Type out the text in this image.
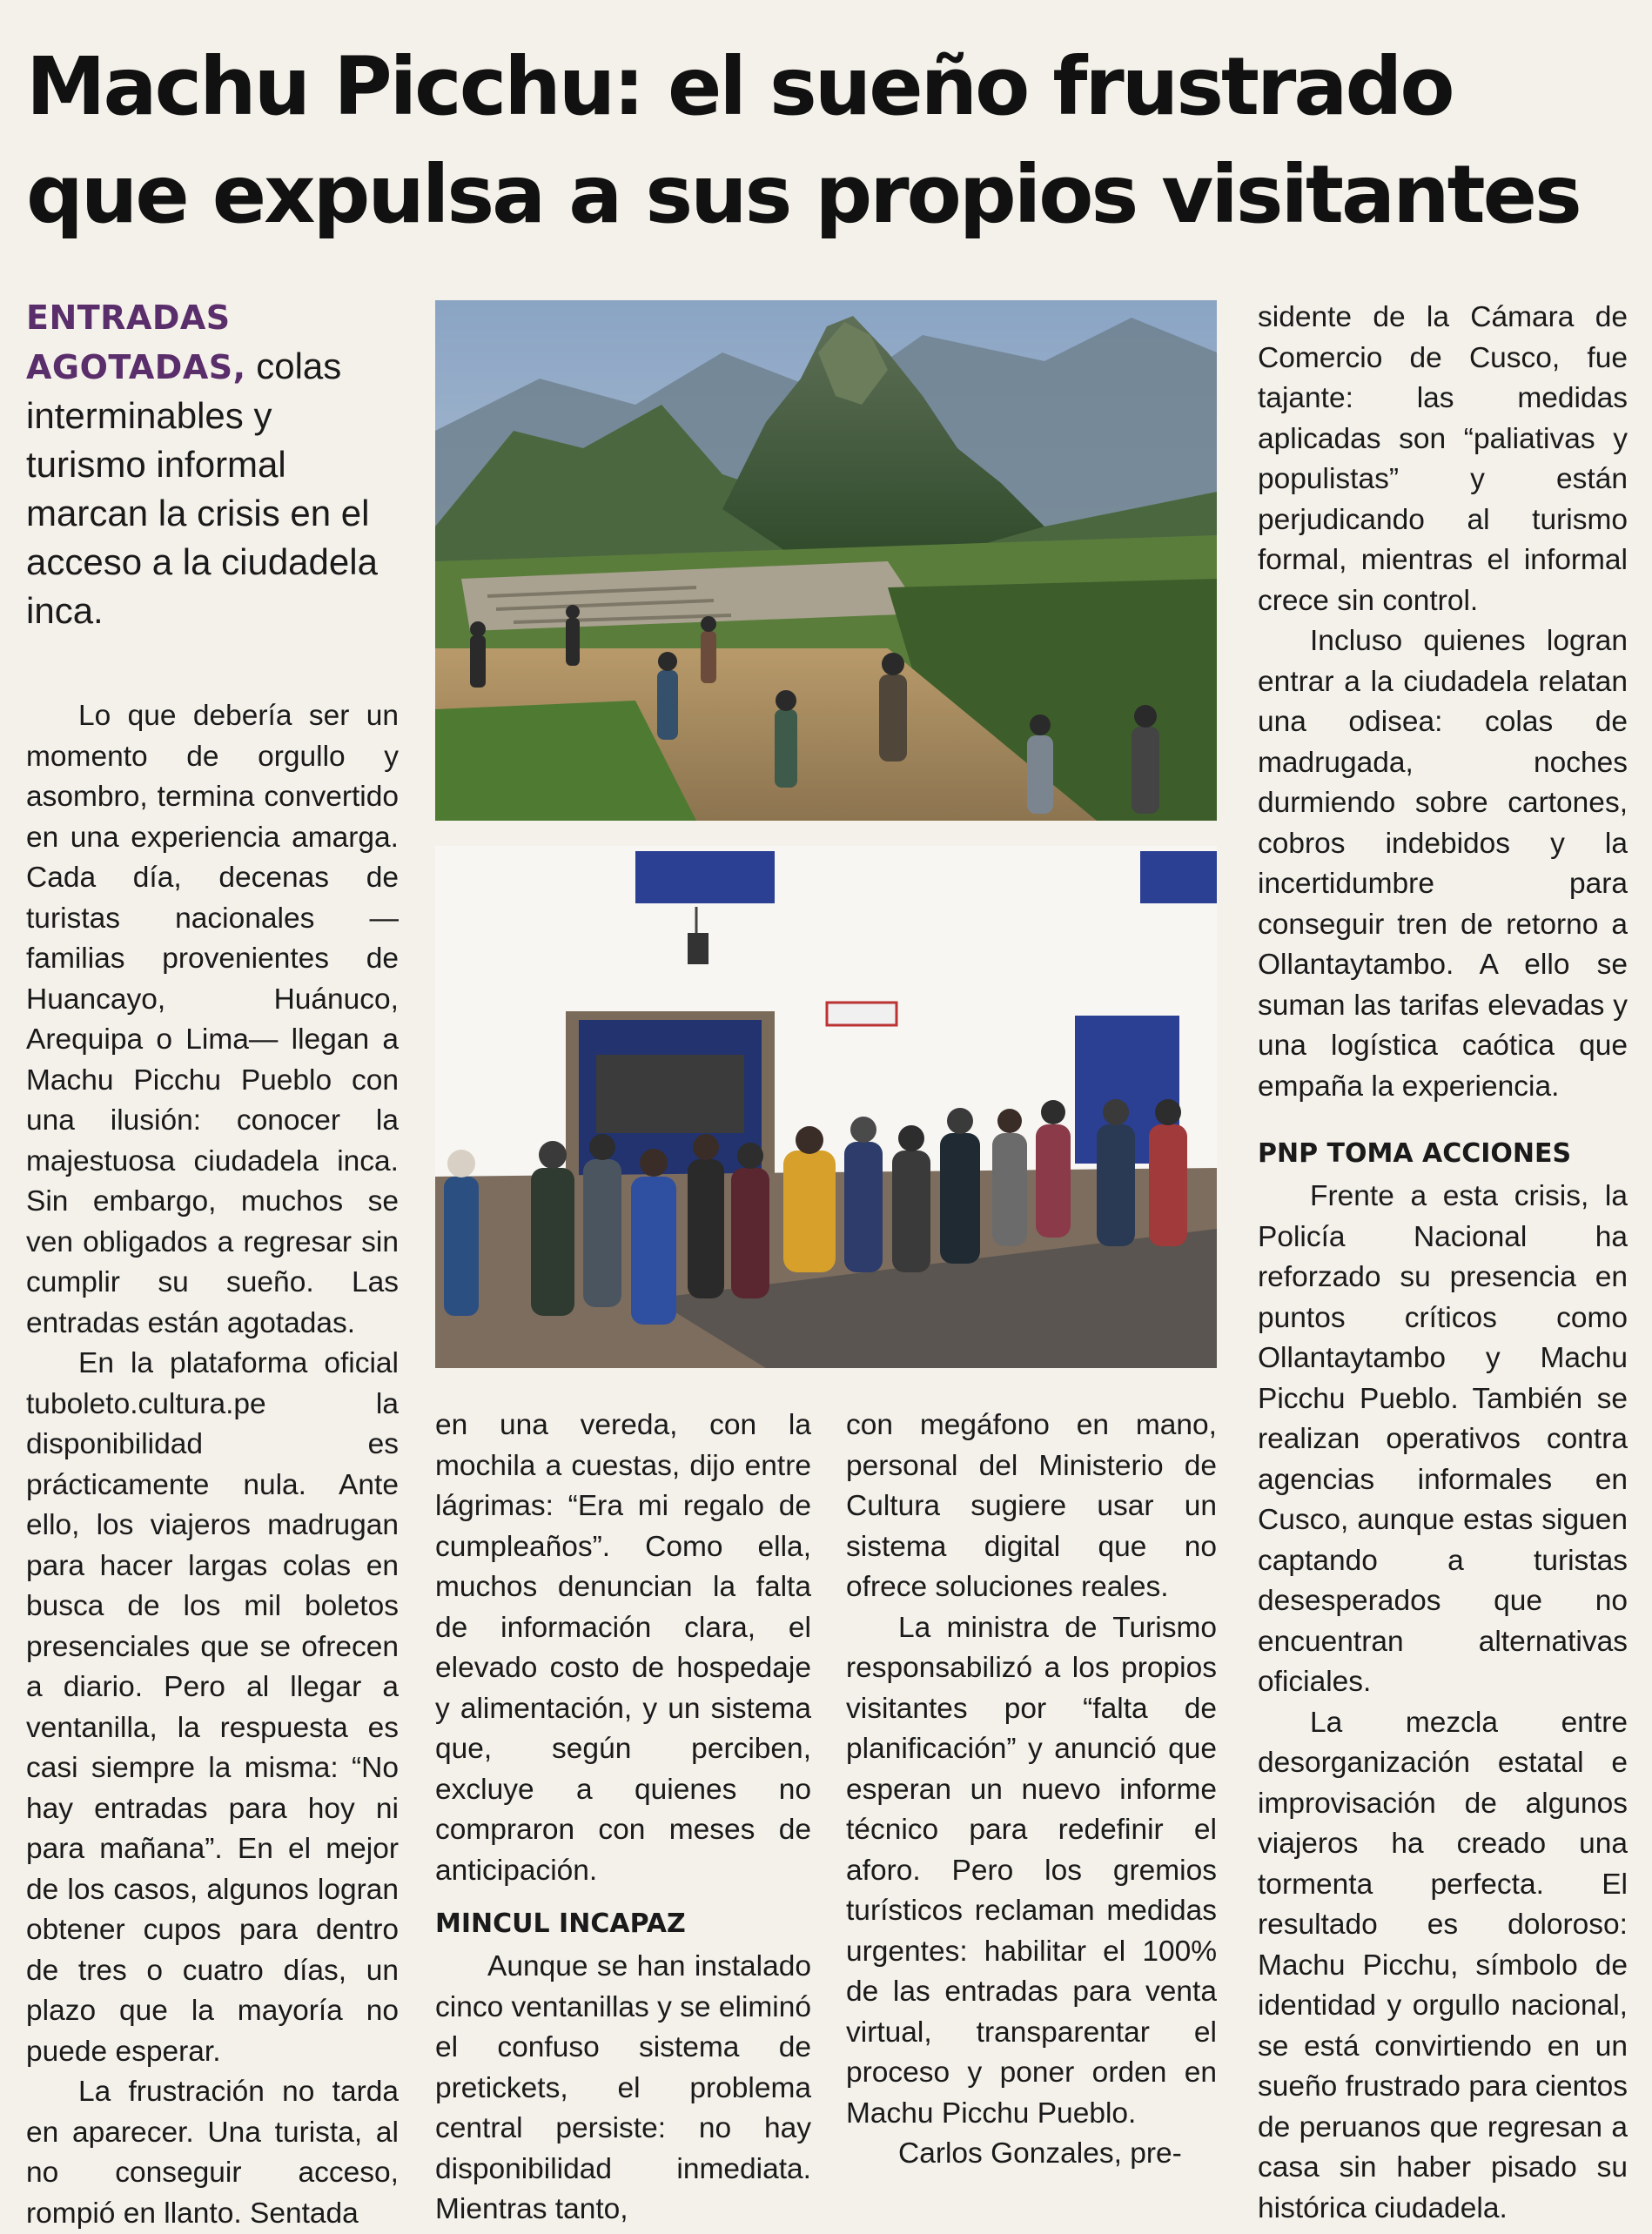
Machu Picchu: el sueño frustrado
que expulsa a sus propios visitantes

ENTRADAS AGOTADAS, colas interminables y turismo informal marcan la crisis en el acceso a la ciudadela inca.

Lo que debería ser un momento de orgullo y asombro, termina convertido en una experiencia amarga. Cada día, decenas de turistas nacionales —familias provenientes de Huancayo, Huánuco, Arequipa o Lima— llegan a Machu Picchu Pueblo con una ilusión: conocer la majestuosa ciudadela inca. Sin embargo, muchos se ven obligados a regresar sin cumplir su sueño. Las entradas están agotadas.

En la plataforma oficial tuboleto.cultura.pe la disponibilidad es prácticamente nula. Ante ello, los viajeros madrugan para hacer largas colas en busca de los mil boletos presenciales que se ofrecen a diario. Pero al llegar a ventanilla, la respuesta es casi siempre la misma: “No hay entradas para hoy ni para mañana”. En el mejor de los casos, algunos logran obtener cupos para dentro de tres o cuatro días, un plazo que la mayoría no puede esperar.

La frustración no tarda en aparecer. Una turista, al no conseguir acceso, rompió en llanto. Sentada

en una vereda, con la mochila a cuestas, dijo entre lágrimas: “Era mi regalo de cumpleaños”. Como ella, muchos denuncian la falta de información clara, el elevado costo de hospedaje y alimentación, y un sistema que, según perciben, excluye a quienes no compraron con meses de anticipación.

MINCUL INCAPAZ

Aunque se han instalado cinco ventanillas y se eliminó el confuso sistema de pretickets, el problema central persiste: no hay disponibilidad inmediata. Mientras tanto,

con megáfono en mano, personal del Ministerio de Cultura sugiere usar un sistema digital que no ofrece soluciones reales.

La ministra de Turismo responsabilizó a los propios visitantes por “falta de planificación” y anunció que esperan un nuevo informe técnico para redefinir el aforo. Pero los gremios turísticos reclaman medidas urgentes: habilitar el 100% de las entradas para venta virtual, transparentar el proceso y poner orden en Machu Picchu Pueblo.

Carlos Gonzales, pre-

sidente de la Cámara de Comercio de Cusco, fue tajante: las medidas aplicadas son “paliativas y populistas” y están perjudicando al turismo formal, mientras el informal crece sin control.

Incluso quienes logran entrar a la ciudadela relatan una odisea: colas de madrugada, noches durmiendo sobre cartones, cobros indebidos y la incertidumbre para conseguir tren de retorno a Ollantaytambo. A ello se suman las tarifas elevadas y una logística caótica que empaña la experiencia.

PNP TOMA ACCIONES

Frente a esta crisis, la Policía Nacional ha reforzado su presencia en puntos críticos como Ollantaytambo y Machu Picchu Pueblo. También se realizan operativos contra agencias informales en Cusco, aunque estas siguen captando a turistas desesperados que no encuentran alternativas oficiales.

La mezcla entre desorganización estatal e improvisación de algunos viajeros ha creado una tormenta perfecta. El resultado es doloroso: Machu Picchu, símbolo de identidad y orgullo nacional, se está convirtiendo en un sueño frustrado para cientos de peruanos que regresan a casa sin haber pisado su histórica ciudadela.
